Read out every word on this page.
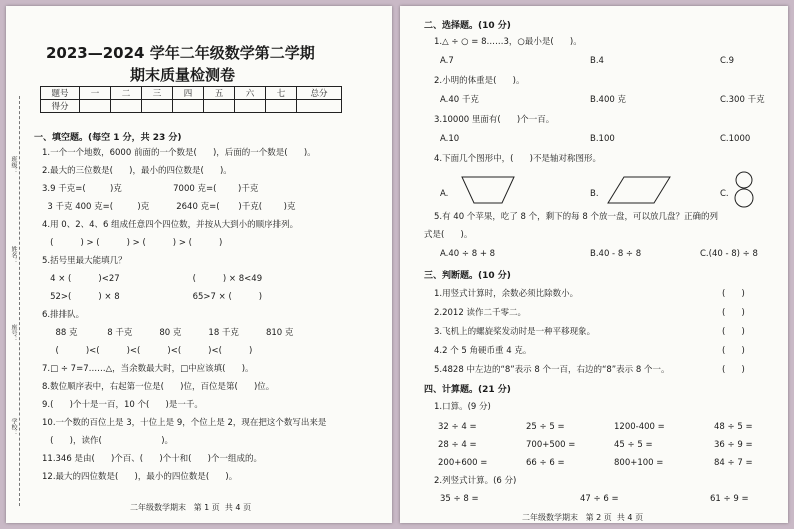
班级：
姓名：
座号：
学校：
2023—2024 学年二年级数学第二学期
期末质量检测卷
题号	一	二	三	四	五	六	七	总分
得分								
一、填空题。(每空 1 分，共 23 分)
1.一个一个地数，6000 前面的一个数是(      )，后面的一个数是(      )。
2.最大的三位数是(      )，最小的四位数是(      )。
3.9 千克=(         )克                   7000 克=(        )千克
3 千克 400 克=(         )克          2640 克=(       )千克(        )克
4.用 0、2、4、6 组成任意四个四位数，并按从大到小的顺序排列。
(          ) > (          ) > (          ) > (          )
5.括号里最大能填几？
4 × (          )<27                           (          ) × 8<49
52>(          ) × 8                           65>7 × (          )
6.排排队。
88 克           8 千克          80 克          18 千克          810 克
(          )<(          )<(          )<(          )<(          )
7.□ ÷ 7=7……△，当余数最大时，□中应该填(      )。
8.数位顺序表中，右起第一位是(      )位，百位是第(      )位。
9.(      )个十是一百，10 个(      )是一千。
10.一个数的百位上是 3，十位上是 9，个位上是 2，现在把这个数写出来是
(      )，读作(                      )。
11.346 是由(      )个百、(      )个十和(      )个一组成的。
12.最大的四位数是(      )，最小的四位数是(      )。
二年级数学期末   第 1 页  共 4 页
二、选择题。(10 分)
1.△ ÷ ○ = 8……3，○最小是(      )。
A.7	B.4	C.9
2.小明的体重是(      )。
A.40 千克	B.400 克	C.300 千克
3.10000 里面有(      )个一百。
A.10	B.100	C.1000
4.下面几个图形中，(      )不是轴对称图形。
A.	B.	C.
5.有 40 个苹果，吃了 8 个，剩下的每 8 个放一盘，可以放几盘？正确的列
式是(      )。
A.40 ÷ 8 + 8	B.40 - 8 ÷ 8	C.(40 - 8) ÷ 8
三、判断题。(10 分)
1.用竖式计算时，余数必须比除数小。	(      )
2.2012 读作二千零二。	(      )
3.飞机上的螺旋桨发动时是一种平移现象。	(      )
4.2 个 5 角硬币重 4 克。	(      )
5.4828 中左边的“8”表示 8 个一百，右边的“8”表示 8 个一。	(      )
四、计算题。(21 分)
1.口算。(9 分)
32 ÷ 4 =	25 ÷ 5 =	1200-400 =	48 ÷ 5 =
28 ÷ 4 =	700+500 =	45 ÷ 5 =	36 ÷ 9 =
200+600 =	66 ÷ 6 =	800+100 =	84 ÷ 7 =
2.列竖式计算。(6 分)
35 ÷ 8 =	47 ÷ 6 =	61 ÷ 9 =
二年级数学期末   第 2 页  共 4 页
